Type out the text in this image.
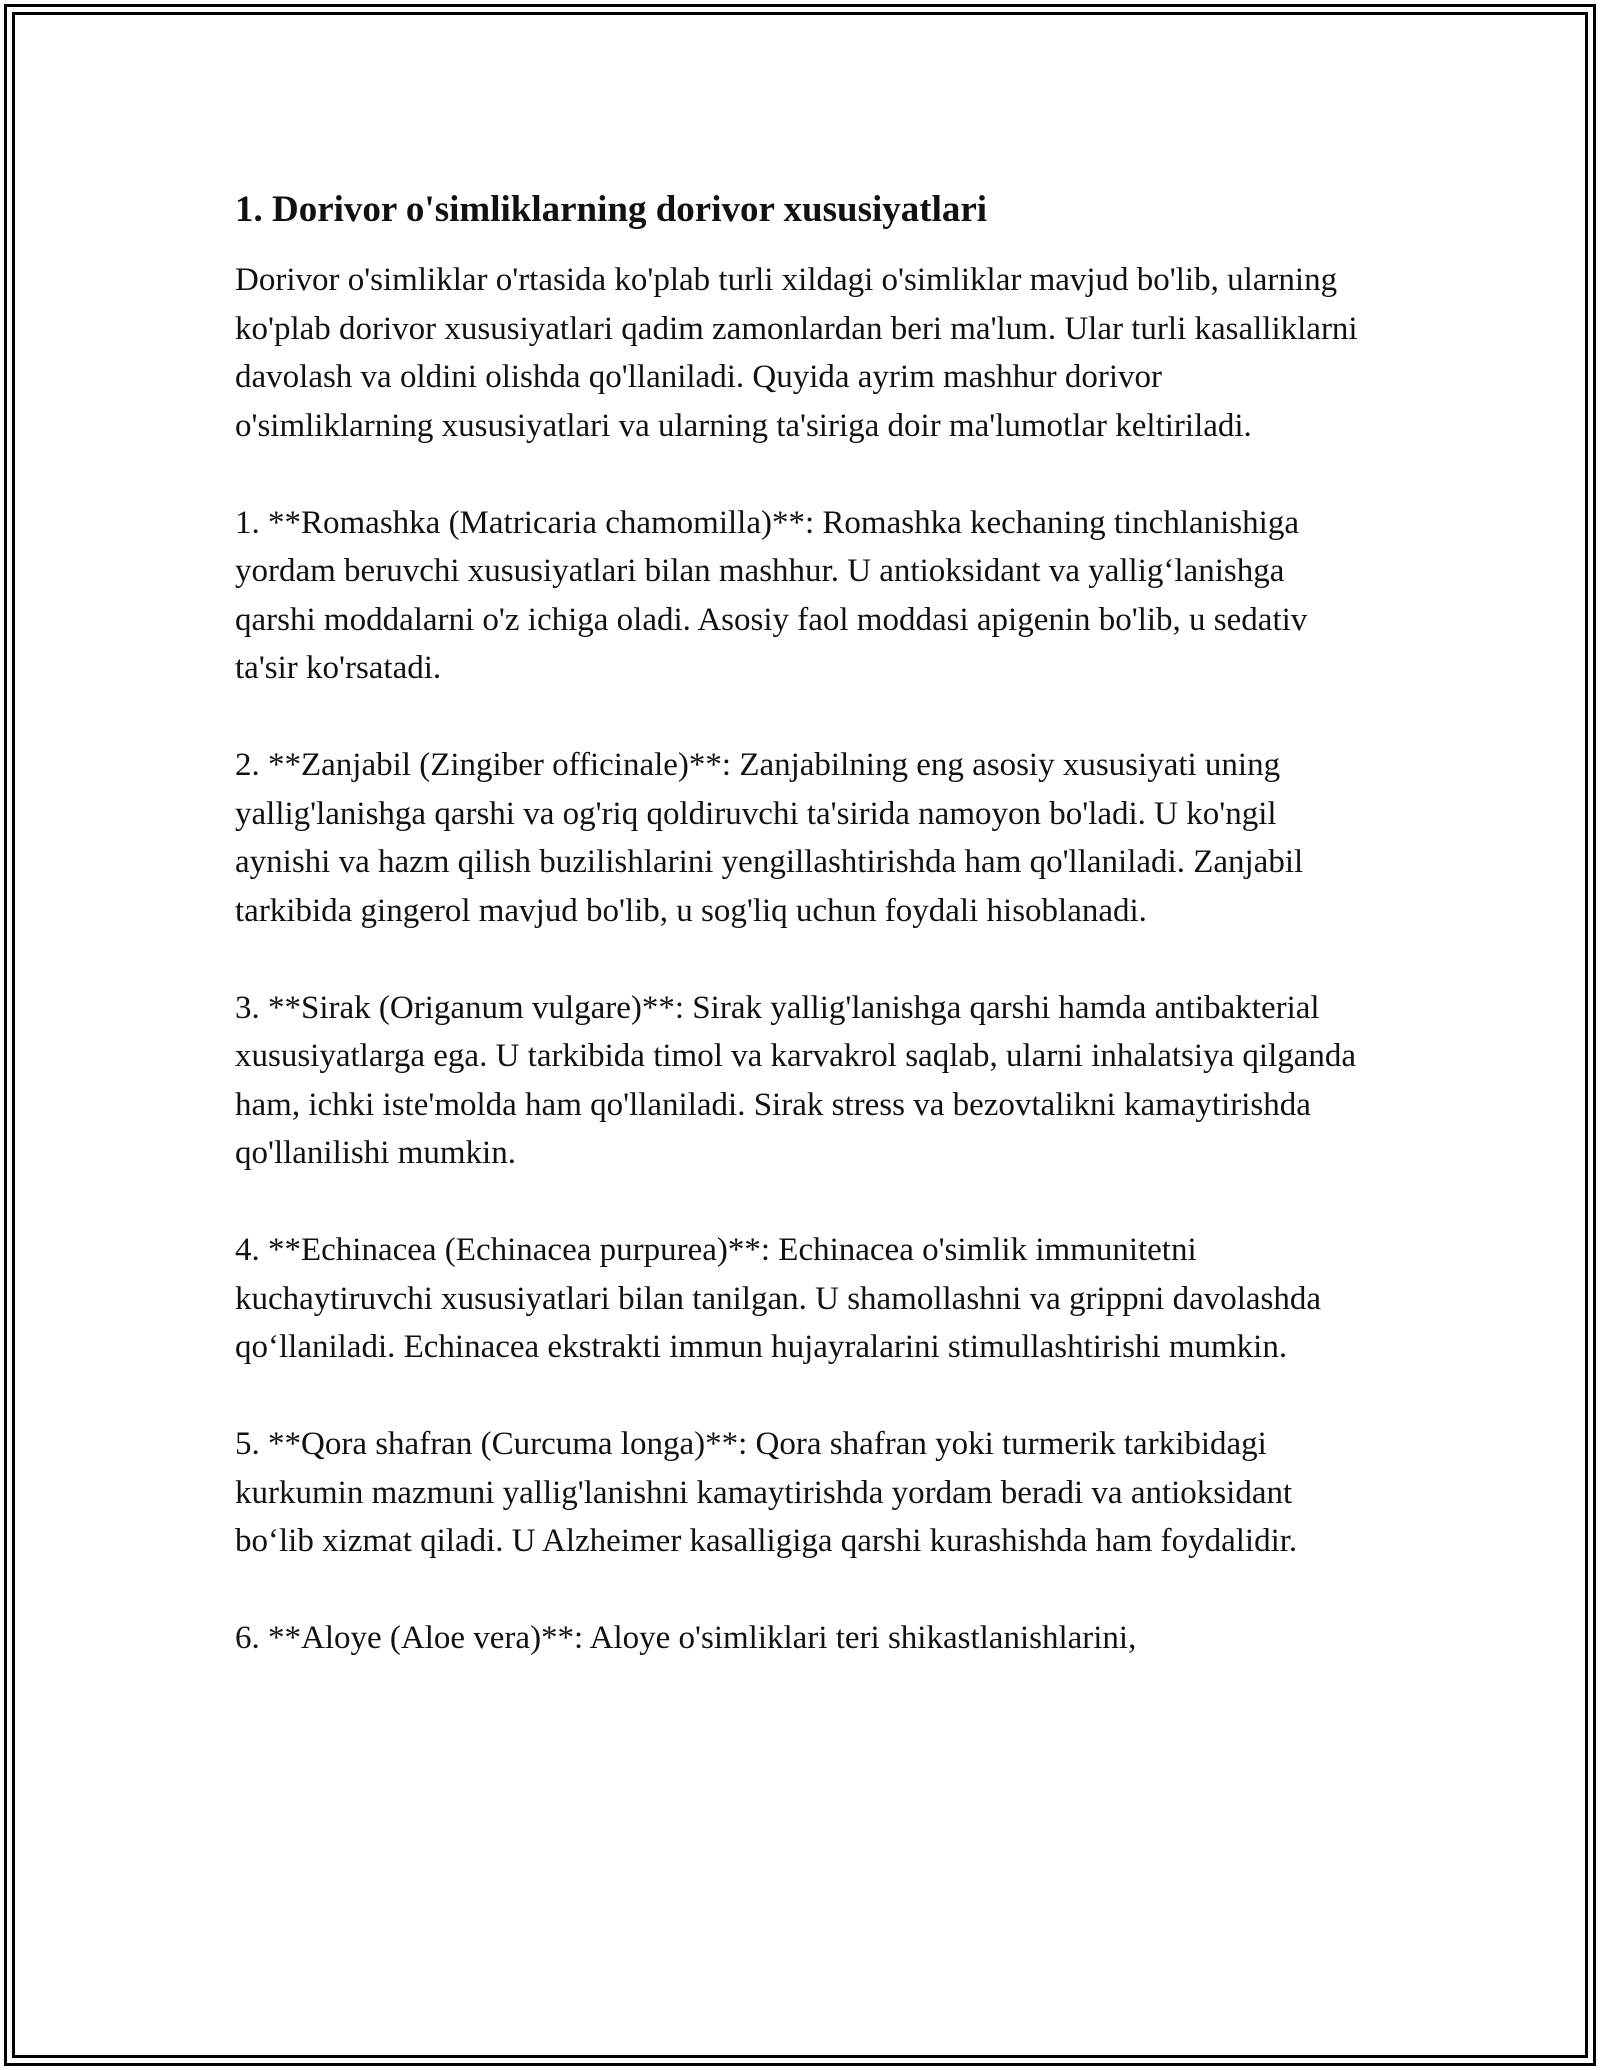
1. Dorivor o'simliklarning dorivor xususiyatlari

Dorivor o'simliklar o'rtasida ko'plab turli xildagi o'simliklar mavjud bo'lib, ularning ko'plab dorivor xususiyatlari qadim zamonlardan beri ma'lum. Ular turli kasalliklarni davolash va oldini olishda qo'llaniladi. Quyida ayrim mashhur dorivor o'simliklarning xususiyatlari va ularning ta'siriga doir ma'lumotlar keltiriladi.

1. **Romashka (Matricaria chamomilla)**: Romashka kechaning tinchlanishiga yordam beruvchi xususiyatlari bilan mashhur. U antioksidant va yallig‘lanishga qarshi moddalarni o'z ichiga oladi. Asosiy faol moddasi apigenin bo'lib, u sedativ ta'sir ko'rsatadi.

2. **Zanjabil (Zingiber officinale)**: Zanjabilning eng asosiy xususiyati uning yallig'lanishga qarshi va og'riq qoldiruvchi ta'sirida namoyon bo'ladi. U ko'ngil aynishi va hazm qilish buzilishlarini yengillashtirishda ham qo'llaniladi. Zanjabil tarkibida gingerol mavjud bo'lib, u sog'liq uchun foydali hisoblanadi.

3. **Sirak (Origanum vulgare)**: Sirak yallig'lanishga qarshi hamda antibakterial xususiyatlarga ega. U tarkibida timol va karvakrol saqlab, ularni inhalatsiya qilganda ham, ichki iste'molda ham qo'llaniladi. Sirak stress va bezovtalikni kamaytirishda qo'llanilishi mumkin.

4. **Echinacea (Echinacea purpurea)**: Echinacea o'simlik immunitetni kuchaytiruvchi xususiyatlari bilan tanilgan. U shamollashni va grippni davolashda qo‘llaniladi. Echinacea ekstrakti immun hujayralarini stimullashtirishi mumkin.

5. **Qora shafran (Curcuma longa)**: Qora shafran yoki turmerik tarkibidagi kurkumin mazmuni yallig'lanishni kamaytirishda yordam beradi va antioksidant bo‘lib xizmat qiladi. U Alzheimer kasalligiga qarshi kurashishda ham foydalidir.

6. **Aloye (Aloe vera)**: Aloye o'simliklari teri shikastlanishlarini,
